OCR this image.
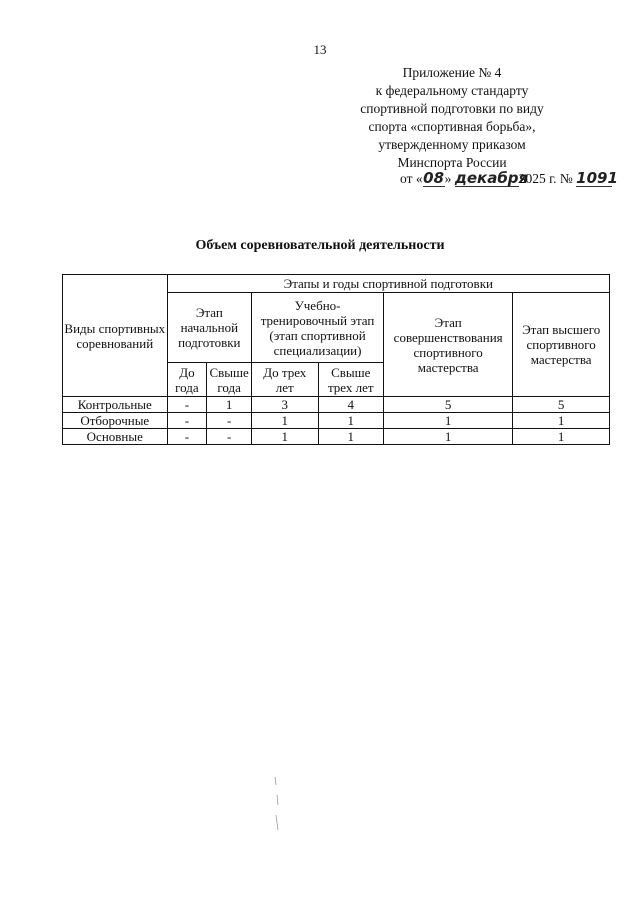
13
Приложение № 4
к федеральному стандарту
спортивной подготовки по виду
спорта «спортивная борьба»,
утвержденному приказом
Минспорта России
от «08» декабря2025 г. № 1091
Объем соревновательной деятельности
Виды спортивных соревнований	Этапы и годы спортивной подготовки					
	Этап начальной подготовки		Учебно-тренировочный этап (этап спортивной специализации)		Этап совершенствования спортивного мастерства	Этап высшего спортивного мастерства
	До года	Свыше года	До трех лет	Свыше трех лет		
Контрольные	-	1	3	4	5	5
Отборочные	-	-	1	1	1	1
Основные	-	-	1	1	1	1
